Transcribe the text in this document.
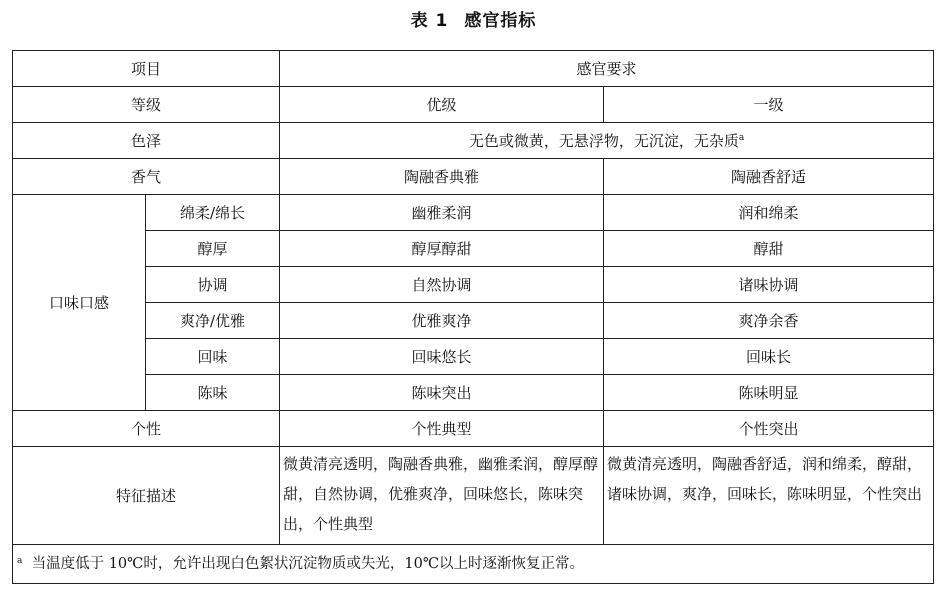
表 1 感官指标
项目		感官要求	
等级		优级	一级
色泽		无色或微黄，无悬浮物，无沉淀，无杂质$^a$
香气		陶融香典雅	陶融香舒适
口味口感	绵柔/绵长	幽雅柔润	润和绵柔
	醇厚	醇厚醇甜	醇甜
	协调	自然协调	诸味协调
	爽净/优雅	优雅爽净	爽净余香
	回味	回味悠长	回味长
	陈味	陈味突出	陈味明显
个性		个性典型	个性突出
特征描述		微黄清亮透明，陶融香典雅，幽雅柔润，醇厚醇甜，自然协调，优雅爽净，回味悠长，陈味突出，个性典型	微黄清亮透明，陶融香舒适，润和绵柔，醇甜，诸味协调，爽净，回味长，陈味明显，个性突出
$^a$ 当温度低于 10℃时，允许出现白色絮状沉淀物质或失光，10℃以上时逐渐恢复正常。			
